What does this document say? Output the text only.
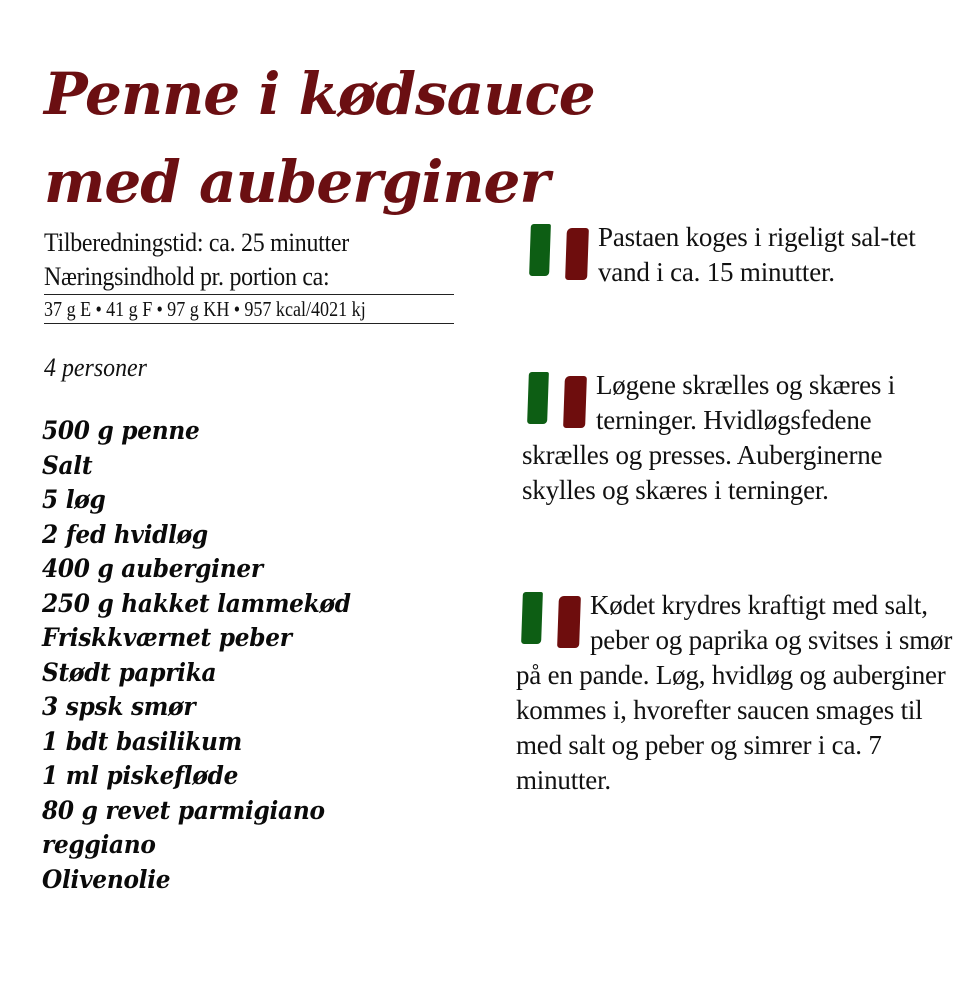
Penne i kødsauce
med auberginer
Tilberedningstid: ca. 25 minutter
Næringsindhold pr. portion ca:
37 g E • 41 g F • 97 g KH • 957 kcal/4021 kj
4 personer
500 g penne
Salt
5 løg
2 fed hvidløg
400 g auberginer
250 g hakket lammekød
Friskkværnet peber
Stødt paprika
3 spsk smør
1 bdt basilikum
1 ml piskefløde
80 g revet parmigiano
reggiano
Olivenolie
Pastaen koges i rigeligt sal-tet vand i ca. 15 minutter.
Løgene skrælles og skæres i terninger. Hvidløgsfedene skrælles og presses. Auberginerne skylles og skæres i terninger.
Kødet krydres kraftigt med salt, peber og paprika og svitses i smør på en pande. Løg, hvidløg og auberginer kommes i, hvorefter saucen smages til med salt og peber og simrer i ca. 7 minutter.
